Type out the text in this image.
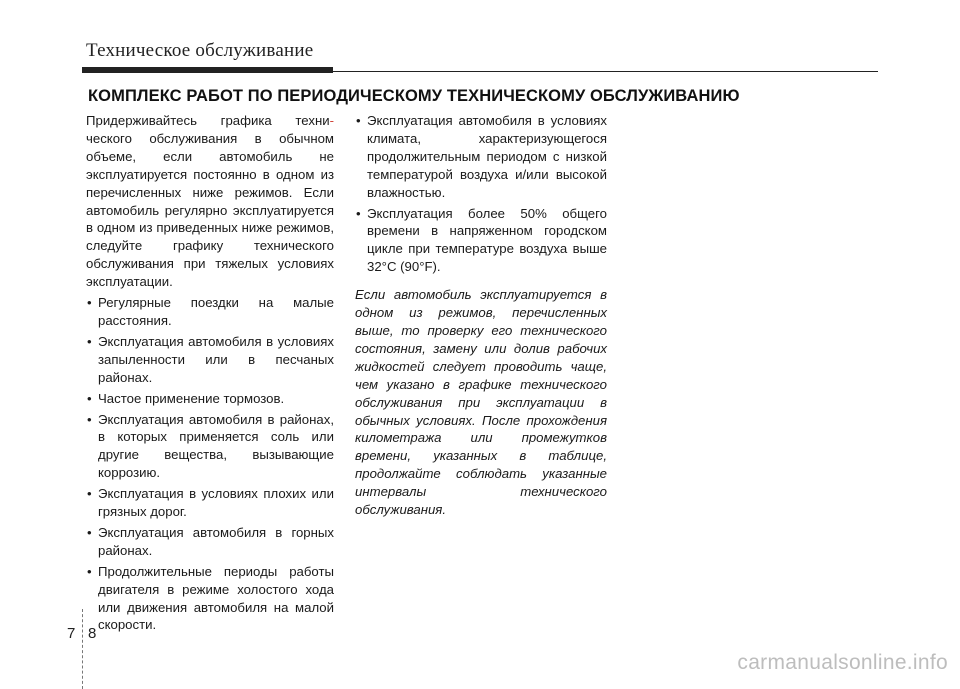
Техническое обслуживание
КОМПЛЕКС РАБОТ ПО ПЕРИОДИЧЕСКОМУ ТЕХНИЧЕСКОМУ ОБСЛУЖИВАНИЮ
Придерживайтесь графика техни- ческого обслуживания в обычном объеме, если автомобиль не эксплуатируется постоянно в одном из перечисленных ниже режимов. Если автомобиль регулярно эксплуатируется в одном из приведенных ниже режимов, следуйте графику технического обслуживания при тяжелых условиях эксплуатации.
• Регулярные поездки на малые расстояния.
• Эксплуатация автомобиля в условиях запыленности или в песчаных районах.
• Частое применение тормозов.
• Эксплуатация автомобиля в районах, в которых применяется соль или другие вещества, вызывающие коррозию.
• Эксплуатация в условиях плохих или грязных дорог.
• Эксплуатация автомобиля в горных районах.
• Продолжительные периоды работы двигателя в режиме холостого хода или движения автомобиля на малой скорости.
• Эксплуатация автомобиля в условиях климата, характеризующегося продолжительным периодом с низкой температурой воздуха и/или высокой влажностью.
• Эксплуатация более 50% общего времени в напряженном городском цикле при температуре воздуха выше 32°C (90°F).
Если автомобиль эксплуатируется в одном из режимов, перечисленных выше, то проверку его технического состояния, замену или долив рабочих жидкостей следует проводить чаще, чем указано в графике технического обслуживания при эксплуатации в обычных условиях. После прохождения километража или промежутков времени, указанных в таблице, продолжайте соблюдать указанные интервалы технического обслуживания.
7 8
carmanualsonline.info
